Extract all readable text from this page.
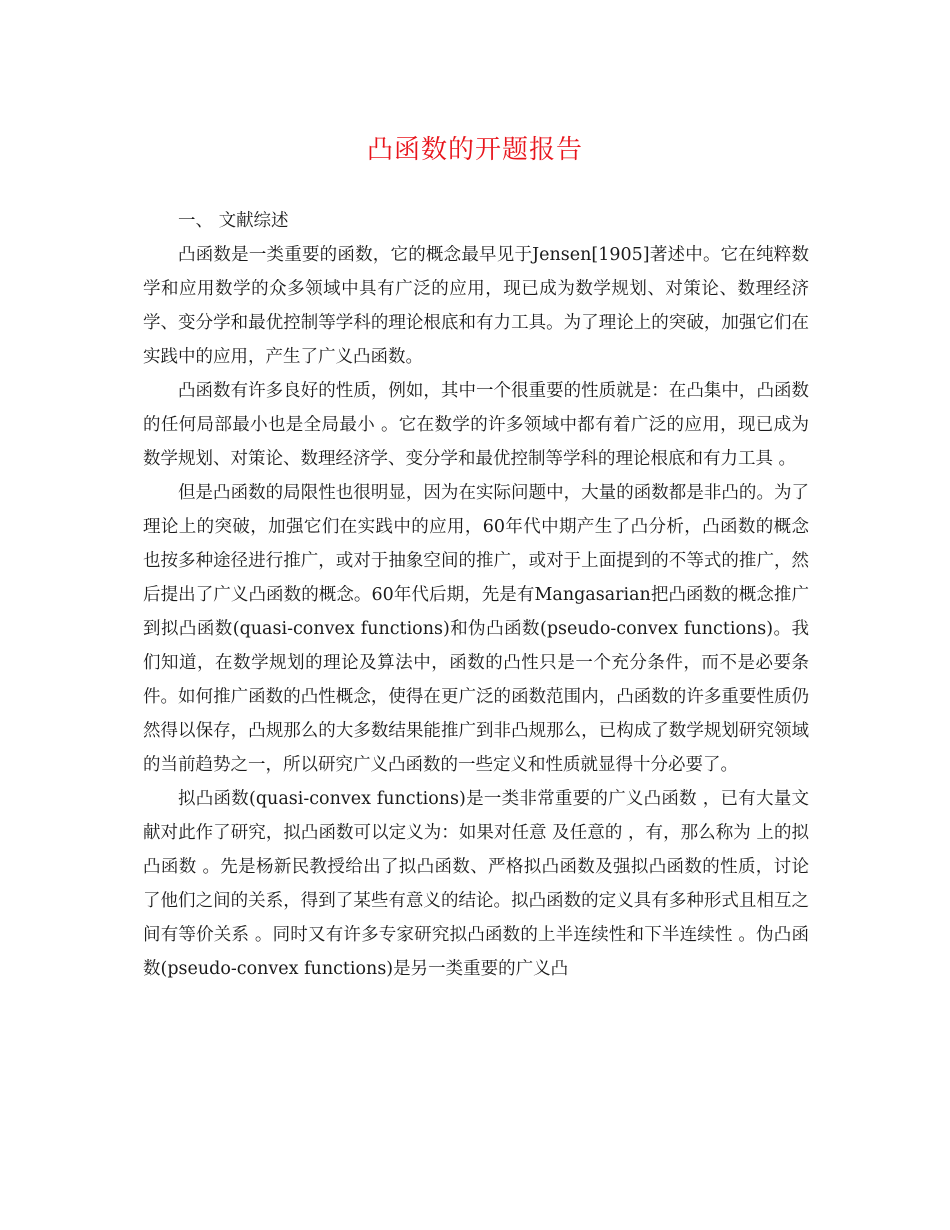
凸函数的开题报告

一、 文献综述

凸函数是一类重要的函数，它的概念最早见于Jensen[1905]著述中。它在纯粹数学和应用数学的众多领域中具有广泛的应用，现已成为数学规划、对策论、数理经济学、变分学和最优控制等学科的理论根底和有力工具。为了理论上的突破，加强它们在实践中的应用，产生了广义凸函数。

凸函数有许多良好的性质，例如，其中一个很重要的性质就是：在凸集中，凸函数的任何局部最小也是全局最小 。它在数学的许多领域中都有着广泛的应用，现已成为数学规划、对策论、数理经济学、变分学和最优控制等学科的理论根底和有力工具 。

但是凸函数的局限性也很明显，因为在实际问题中，大量的函数都是非凸的。为了理论上的突破，加强它们在实践中的应用，60年代中期产生了凸分析，凸函数的概念也按多种途径进行推广，或对于抽象空间的推广，或对于上面提到的不等式的推广，然后提出了广义凸函数的概念。60年代后期，先是有Mangasarian把凸函数的概念推广到拟凸函数(quasi-convex functions)和伪凸函数(pseudo-convex functions)。我们知道，在数学规划的理论及算法中，函数的凸性只是一个充分条件，而不是必要条件。如何推广函数的凸性概念，使得在更广泛的函数范围内，凸函数的许多重要性质仍然得以保存，凸规那么的大多数结果能推广到非凸规那么，已构成了数学规划研究领域的当前趋势之一，所以研究广义凸函数的一些定义和性质就显得十分必要了。

拟凸函数(quasi-convex functions)是一类非常重要的广义凸函数 ，已有大量文献对此作了研究，拟凸函数可以定义为：如果对任意 及任意的 ，有，那么称为 上的拟凸函数 。先是杨新民教授给出了拟凸函数、严格拟凸函数及强拟凸函数的性质，讨论了他们之间的关系，得到了某些有意义的结论。拟凸函数的定义具有多种形式且相互之间有等价关系 。同时又有许多专家研究拟凸函数的上半连续性和下半连续性 。伪凸函数(pseudo-convex functions)是另一类重要的广义凸
